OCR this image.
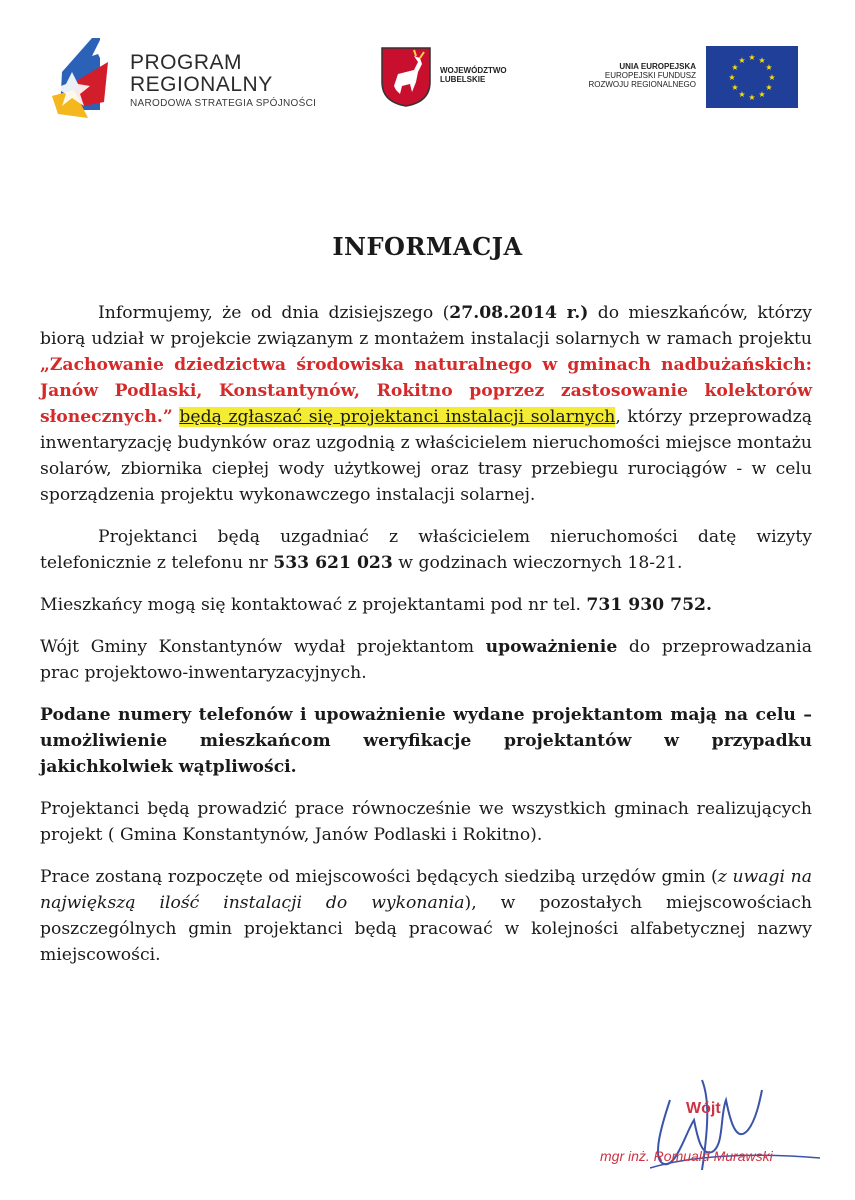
PROGRAM
REGIONALNY
NARODOWA STRATEGIA SPÓJNOŚCI
WOJEWÓDZTWO
LUBELSKIE
UNIA EUROPEJSKA
EUROPEJSKI FUNDUSZ
ROZWOJU REGIONALNEGO
★ ★
★
★
★
★
★
★
★
★
★
★
INFORMACJA

Informujemy, że od dnia dzisiejszego (27.08.2014 r.) do mieszkańców, którzy biorą udział w projekcie związanym z montażem instalacji solarnych w ramach projektu „Zachowanie dziedzictwa środowiska naturalnego w gminach nadbużańskich: Janów Podlaski, Konstantynów, Rokitno poprzez zastosowanie kolektorów słonecznych.” będą zgłaszać się projektanci instalacji solarnych, którzy przeprowadzą inwentaryzację budynków oraz uzgodnią z właścicielem nieruchomości miejsce montażu solarów, zbiornika ciepłej wody użytkowej oraz trasy przebiegu rurociągów - w celu sporządzenia projektu wykonawczego instalacji solarnej.

Projektanci będą uzgadniać z właścicielem nieruchomości datę wizyty telefonicznie z telefonu nr 533 621 023 w godzinach wieczornych 18-21.

Mieszkańcy mogą się kontaktować z projektantami pod nr tel. 731 930 752.

Wójt Gminy Konstantynów wydał projektantom upoważnienie do przeprowadzania prac projektowo-inwentaryzacyjnych.

Podane numery telefonów i upoważnienie wydane projektantom mają na celu – umożliwienie mieszkańcom weryfikacje projektantów w przypadku jakichkolwiek wątpliwości.

Projektanci będą prowadzić prace równocześnie we wszystkich gminach realizujących projekt ( Gmina Konstantynów, Janów Podlaski i Rokitno).

Prace zostaną rozpoczęte od miejscowości będących siedzibą urzędów gmin (z uwagi na największą ilość instalacji do wykonania), w pozostałych miejscowościach poszczególnych gmin projektanci będą pracować w kolejności alfabetycznej nazwy miejscowości.

Wójt
mgr inż. Romuald Murawski
